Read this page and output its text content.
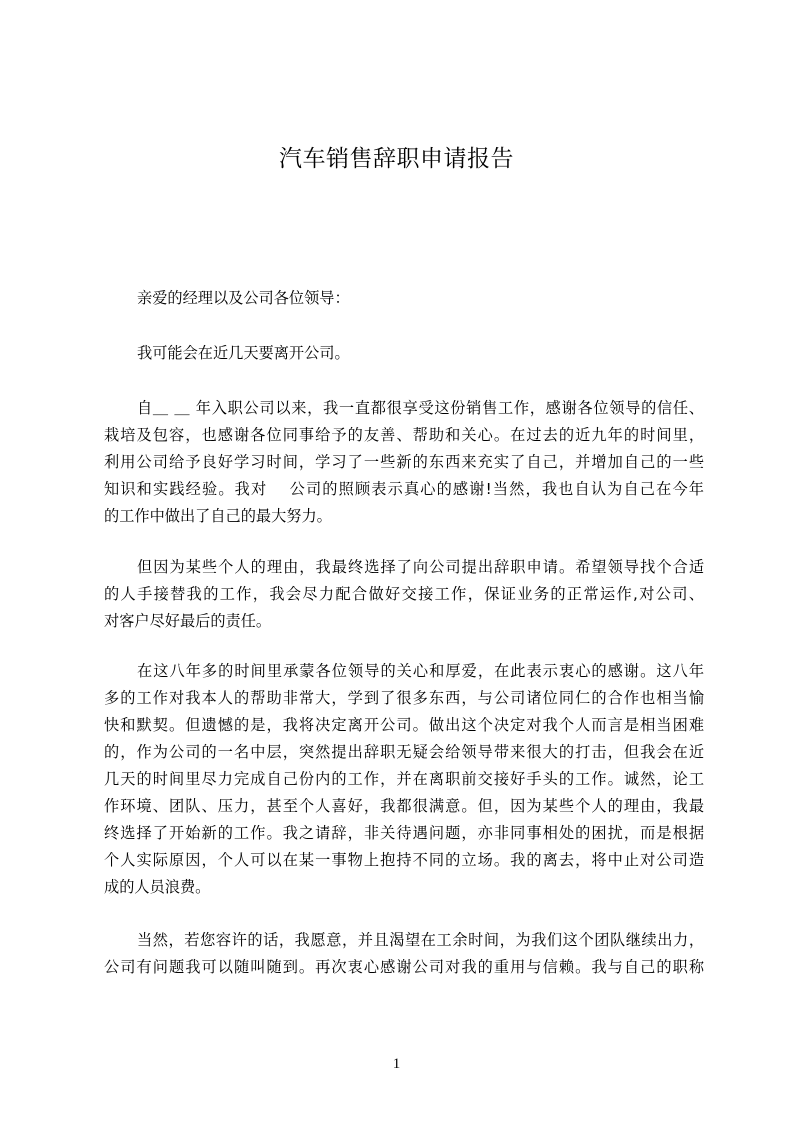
汽车销售辞职申请报告
亲爱的经理以及公司各位领导：
我可能会在近几天要离开公司。
自＿ ＿ 年入职公司以来，我一直都很享受这份销售工作，感谢各位领导的信任、
栽培及包容，也感谢各位同事给予的友善、帮助和关心。在过去的近九年的时间里，
利用公司给予良好学习时间，学习了一些新的东西来充实了自己，并增加自己的一些
知识和实践经验。我对　 公司的照顾表示真心的感谢!当然，我也自认为自己在今年
的工作中做出了自己的最大努力。
但因为某些个人的理由，我最终选择了向公司提出辞职申请。希望领导找个合适
的人手接替我的工作，我会尽力配合做好交接工作，保证业务的正常运作,对公司、
对客户尽好最后的责任。
在这八年多的时间里承蒙各位领导的关心和厚爱，在此表示衷心的感谢。这八年
多的工作对我本人的帮助非常大，学到了很多东西，与公司诸位同仁的合作也相当愉
快和默契。但遗憾的是，我将决定离开公司。做出这个决定对我个人而言是相当困难
的，作为公司的一名中层，突然提出辞职无疑会给领导带来很大的打击，但我会在近
几天的时间里尽力完成自己份内的工作，并在离职前交接好手头的工作。诚然，论工
作环境、团队、压力，甚至个人喜好，我都很满意。但，因为某些个人的理由，我最
终选择了开始新的工作。我之请辞，非关待遇问题，亦非同事相处的困扰，而是根据
个人实际原因，个人可以在某一事物上抱持不同的立场。我的离去，将中止对公司造
成的人员浪费。
当然，若您容许的话，我愿意，并且渴望在工余时间，为我们这个团队继续出力，
公司有问题我可以随叫随到。再次衷心感谢公司对我的重用与信赖。我与自己的职称
1
